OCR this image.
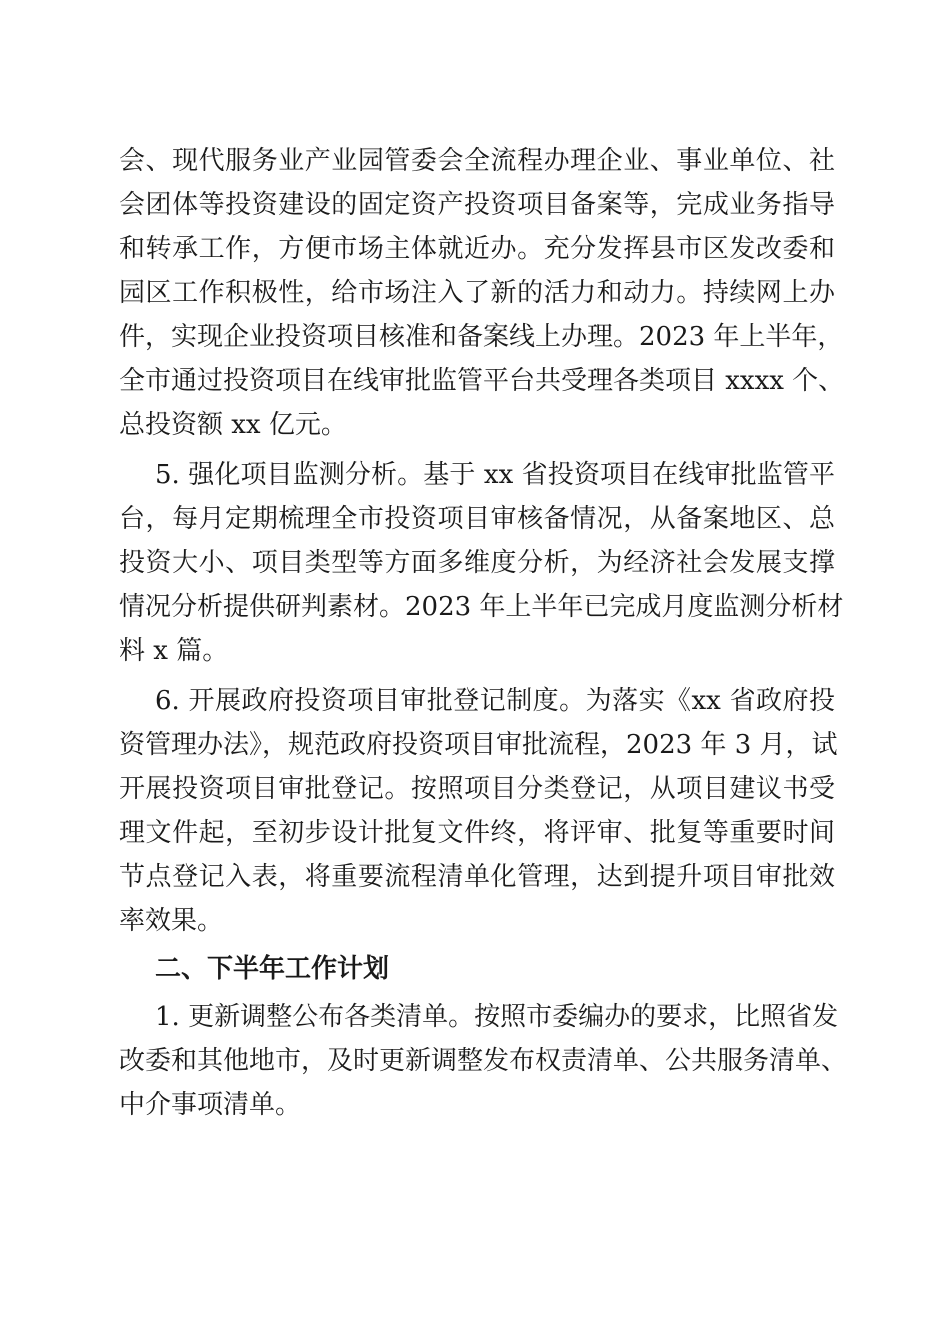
会、现代服务业产业园管委会全流程办理企业、事业单位、社
会团体等投资建设的固定资产投资项目备案等，完成业务指导
和转承工作，方便市场主体就近办。充分发挥县市区发改委和
园区工作积极性，给市场注入了新的活力和动力。持续网上办
件，实现企业投资项目核准和备案线上办理。2023 年上半年，
全市通过投资项目在线审批监管平台共受理各类项目 xxxx 个、
总投资额 xx 亿元。
5. 强化项目监测分析。基于 xx 省投资项目在线审批监管平
台，每月定期梳理全市投资项目审核备情况，从备案地区、总
投资大小、项目类型等方面多维度分析，为经济社会发展支撑
情况分析提供研判素材。2023 年上半年已完成月度监测分析材
料 x 篇。
6. 开展政府投资项目审批登记制度。为落实《xx 省政府投
资管理办法》，规范政府投资项目审批流程，2023 年 3 月，试
开展投资项目审批登记。按照项目分类登记，从项目建议书受
理文件起，至初步设计批复文件终，将评审、批复等重要时间
节点登记入表，将重要流程清单化管理，达到提升项目审批效
率效果。
二、下半年工作计划
1. 更新调整公布各类清单。按照市委编办的要求，比照省发
改委和其他地市，及时更新调整发布权责清单、公共服务清单、
中介事项清单。
